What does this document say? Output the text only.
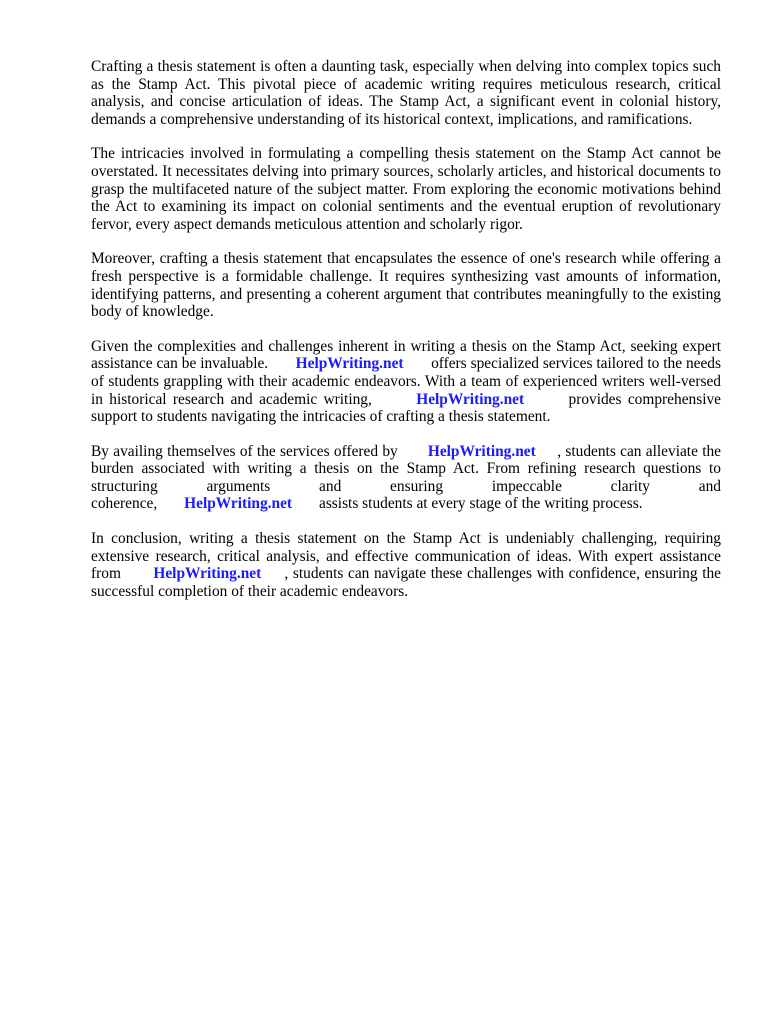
Crafting a thesis statement is often a daunting task, especially when delving into complex topics such as the Stamp Act. This pivotal piece of academic writing requires meticulous research, critical analysis, and concise articulation of ideas. The Stamp Act, a significant event in colonial history, demands a comprehensive understanding of its historical context, implications, and ramifications.

The intricacies involved in formulating a compelling thesis statement on the Stamp Act cannot be overstated. It necessitates delving into primary sources, scholarly articles, and historical documents to grasp the multifaceted nature of the subject matter. From exploring the economic motivations behind the Act to examining its impact on colonial sentiments and the eventual eruption of revolutionary fervor, every aspect demands meticulous attention and scholarly rigor.

Moreover, crafting a thesis statement that encapsulates the essence of one's research while offering a fresh perspective is a formidable challenge. It requires synthesizing vast amounts of information, identifying patterns, and presenting a coherent argument that contributes meaningfully to the existing body of knowledge.

Given the complexities and challenges inherent in writing a thesis on the Stamp Act, seeking expert assistance can be invaluable. HelpWriting.net offers specialized services tailored to the needs of students grappling with their academic endeavors. With a team of experienced writers well-versed in historical research and academic writing,	HelpWriting.net	provides comprehensive support to students navigating the intricacies of crafting a thesis statement.

By availing themselves of the services offered by HelpWriting.net , students can alleviate the burden associated with writing a thesis on the Stamp Act. From refining research questions to structuring arguments and ensuring impeccable clarity and coherence, HelpWriting.net assists students at every stage of the writing process.

In conclusion, writing a thesis statement on the Stamp Act is undeniably challenging, requiring extensive research, critical analysis, and effective communication of ideas. With expert assistance from HelpWriting.net , students can navigate these challenges with confidence, ensuring the successful completion of their academic endeavors.
